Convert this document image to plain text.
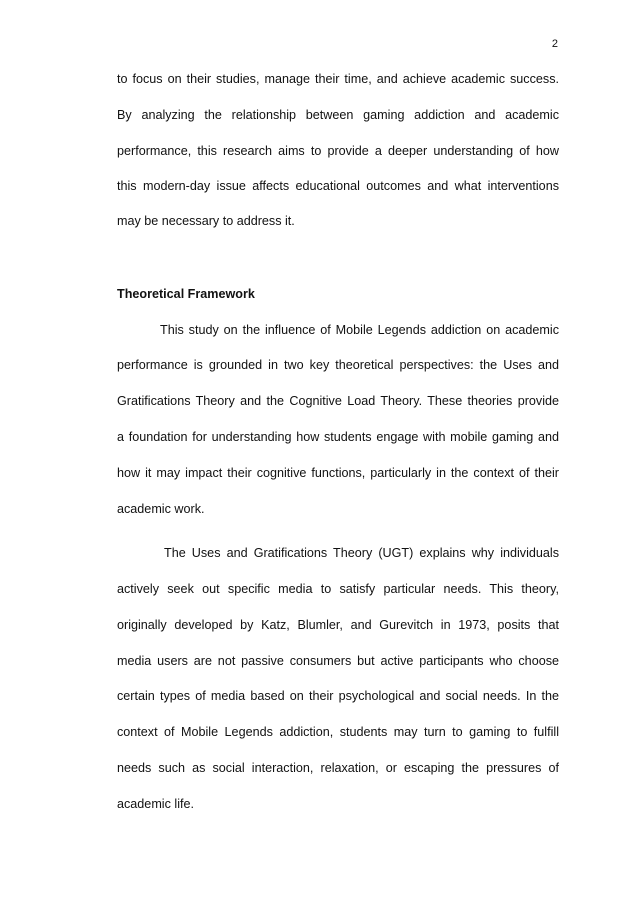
2
to focus on their studies, manage their time, and achieve academic success.
By analyzing the relationship between gaming addiction and academic
performance, this research aims to provide a deeper understanding of how
this modern-day issue affects educational outcomes and what interventions
may be necessary to address it.
Theoretical Framework
This study on the influence of Mobile Legends addiction on academic
performance is grounded in two key theoretical perspectives: the Uses and
Gratifications Theory and the Cognitive Load Theory. These theories provide
a foundation for understanding how students engage with mobile gaming and
how it may impact their cognitive functions, particularly in the context of their
academic work.
The Uses and Gratifications Theory (UGT) explains why individuals
actively seek out specific media to satisfy particular needs. This theory,
originally developed by Katz, Blumler, and Gurevitch in 1973, posits that
media users are not passive consumers but active participants who choose
certain types of media based on their psychological and social needs. In the
context of Mobile Legends addiction, students may turn to gaming to fulfill
needs such as social interaction, relaxation, or escaping the pressures of
academic life.
